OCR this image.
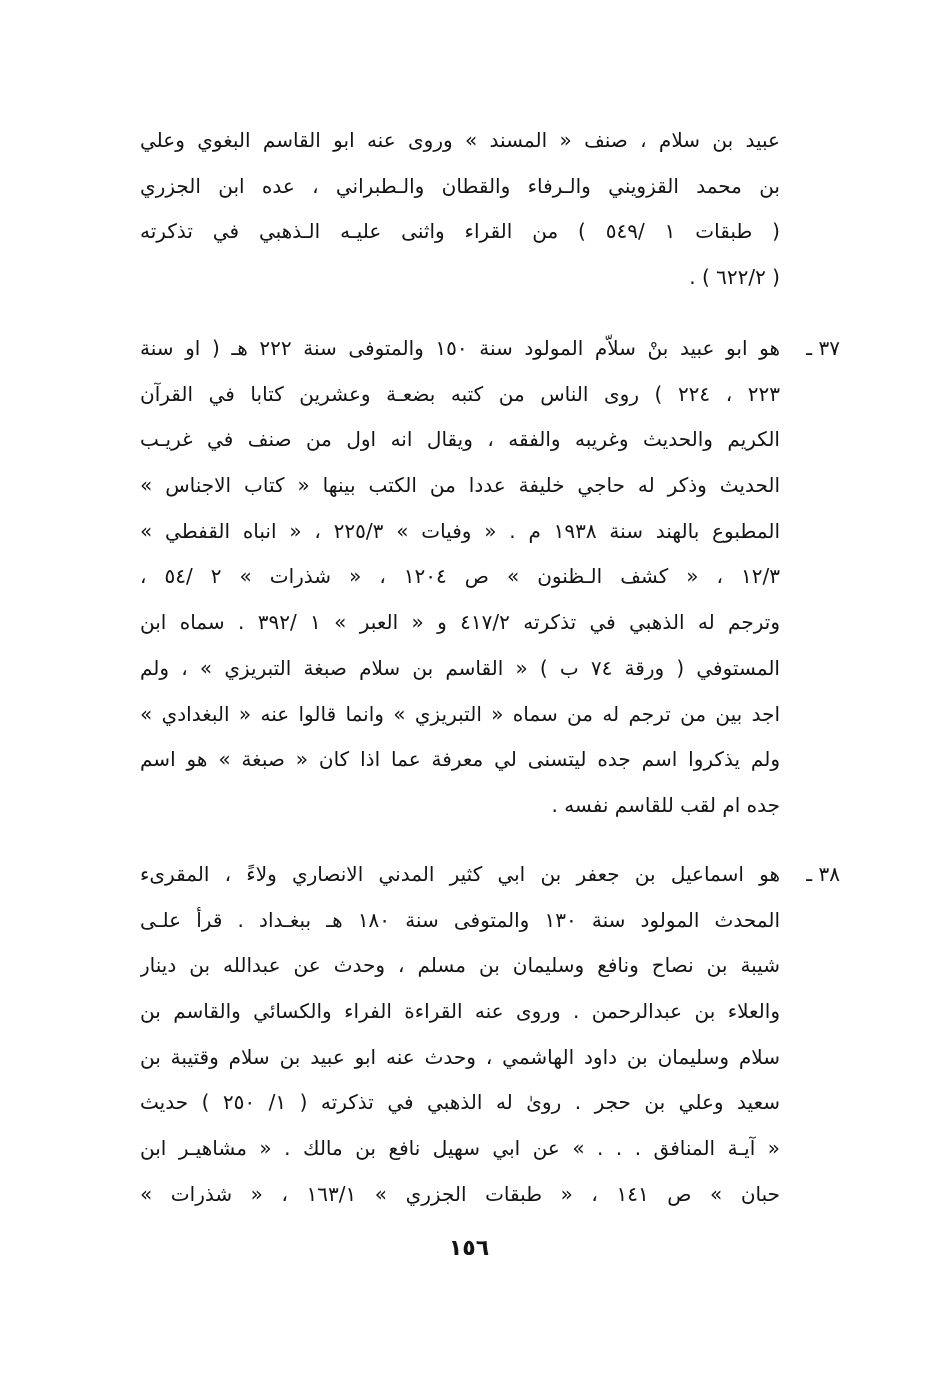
عبيد بن سلام ، صنف « المسند » وروى عنه ابو القاسم البغوي وعلي
بن محمد القزويني والـرفاء والقطان والـطبراني ، عده ابن الجزري
( طبقات ١ /٥٤٩ ) من القراء واثنى عليـه الـذهبي في تذكرته
( ٦٢٢/٢ ) .
٣٧ ـ
هو ابو عبيد بنْ سلاّم المولود سنة ١٥٠ والمتوفى سنة ٢٢٢ هـ ( او سنة
٢٢٣ ، ٢٢٤ ) روى الناس من كتبه بضعـة وعشرين كتابا في القرآن
الكريم والحديث وغريبه والفقه ، ويقال انه اول من صنف في غريـب
الحديث وذكر له حاجي خليفة عددا من الكتب بينها « كتاب الاجناس »
المطبوع بالهند سنة ١٩٣٨ م . « وفيات » ٢٢٥/٣ ، « انباه القفطي »
١٢/٣ ، « كشف الـظنون » ص ١٢٠٤ ، « شذرات » ٢ /٥٤ ،
وترجم له الذهبي في تذكرته ٤١٧/٢ و « العبر » ١ /٣٩٢ . سماه ابن
المستوفي ( ورقة ٧٤ ب ) « القاسم بن سلام صبغة التبريزي » ، ولم
اجد بين من ترجم له من سماه « التبريزي » وانما قالوا عنه « البغدادي »
ولم يذكروا اسم جده ليتسنى لي معرفة عما اذا كان « صبغة » هو اسم
جده ام لقب للقاسم نفسه .
٣٨ ـ
هو اسماعيل بن جعفر بن ابي كثير المدني الانصاري ولاءً ، المقرىء
المحدث المولود سنة ١٣٠ والمتوفى سنة ١٨٠ هـ ببغـداد . قرأ علـى
شيبة بن نصاح ونافع وسليمان بن مسلم ، وحدث عن عبدالله بن دينار
والعلاء بن عبدالرحمن . وروى عنه القراءة الفراء والكسائي والقاسم بن
سلام وسليمان بن داود الهاشمي ، وحدث عنه ابو عبيد بن سلام وقتيبة بن
سعيد وعلي بن حجر . روىٰ له الذهبي في تذكرته ( ١/ ٢٥٠ ) حديث
« آيـة المنافق . . . » عن ابي سهيل نافع بن مالك . « مشاهيـر ابن
حبان » ص ١٤١ ، « طبقات الجزري » ١٦٣/١ ، « شذرات »
١٥٦
